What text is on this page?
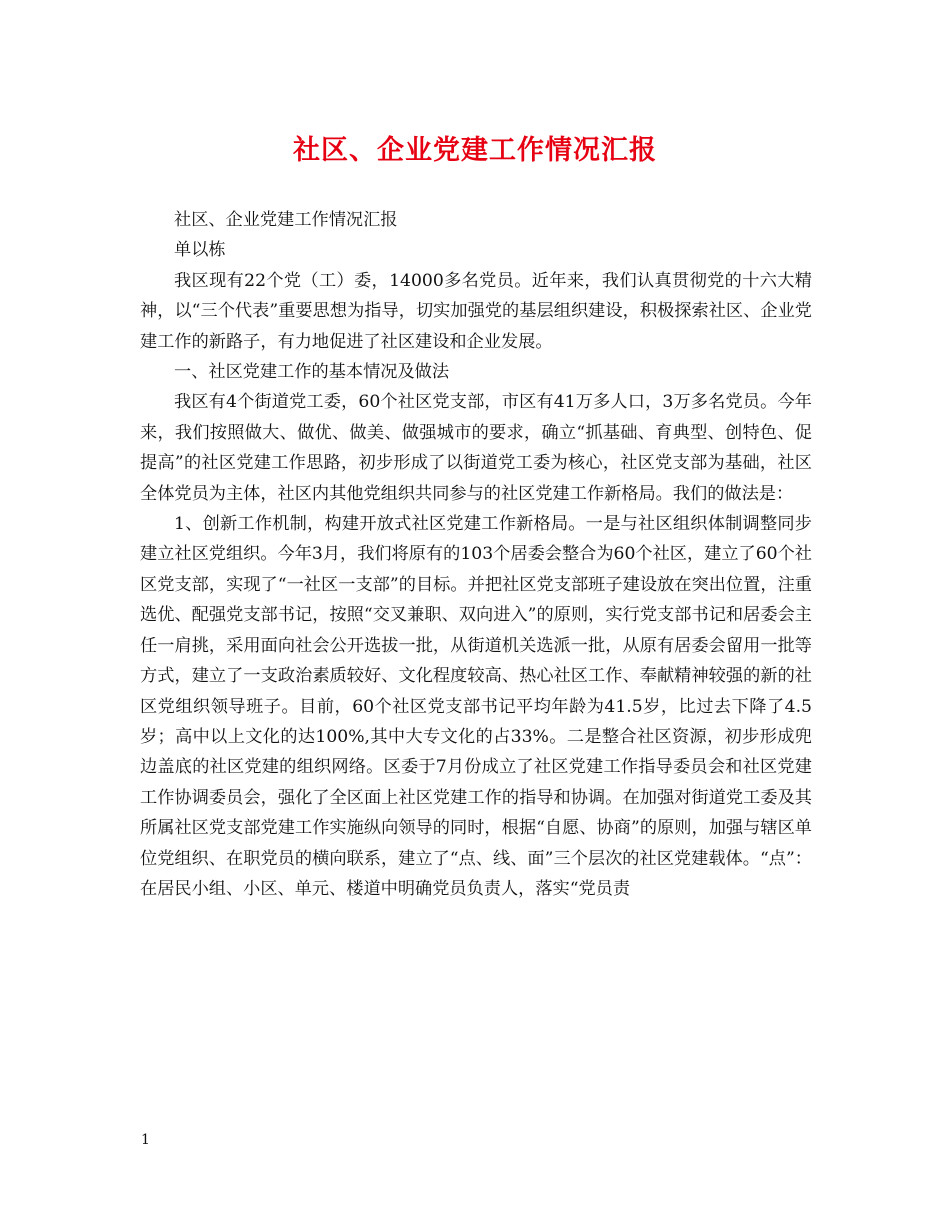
社区、企业党建工作情况汇报

社区、企业党建工作情况汇报

单以栋

我区现有22个党（工）委，14000多名党员。近年来，我们认真贯彻党的十六大精神，以“三个代表”重要思想为指导，切实加强党的基层组织建设，积极探索社区、企业党建工作的新路子，有力地促进了社区建设和企业发展。

一、社区党建工作的基本情况及做法

我区有4个街道党工委，60个社区党支部，市区有41万多人口，3万多名党员。今年来，我们按照做大、做优、做美、做强城市的要求，确立“抓基础、育典型、创特色、促提高”的社区党建工作思路，初步形成了以街道党工委为核心，社区党支部为基础，社区全体党员为主体，社区内其他党组织共同参与的社区党建工作新格局。我们的做法是：

1、创新工作机制，构建开放式社区党建工作新格局。一是与社区组织体制调整同步建立社区党组织。今年3月，我们将原有的103个居委会整合为60个社区，建立了60个社区党支部，实现了“一社区一支部”的目标。并把社区党支部班子建设放在突出位置，注重选优、配强党支部书记，按照“交叉兼职、双向进入”的原则，实行党支部书记和居委会主任一肩挑，采用面向社会公开选拔一批，从街道机关选派一批，从原有居委会留用一批等方式，建立了一支政治素质较好、文化程度较高、热心社区工作、奉献精神较强的新的社区党组织领导班子。目前，60个社区党支部书记平均年龄为41.5岁，比过去下降了4.5岁；高中以上文化的达100%,其中大专文化的占33%。二是整合社区资源，初步形成兜边盖底的社区党建的组织网络。区委于7月份成立了社区党建工作指导委员会和社区党建工作协调委员会，强化了全区面上社区党建工作的指导和协调。在加强对街道党工委及其所属社区党支部党建工作实施纵向领导的同时，根据“自愿、协商”的原则，加强与辖区单位党组织、在职党员的横向联系，建立了“点、线、面”三个层次的社区党建载体。“点”：在居民小组、小区、单元、楼道中明确党员负责人，落实“党员责

1
